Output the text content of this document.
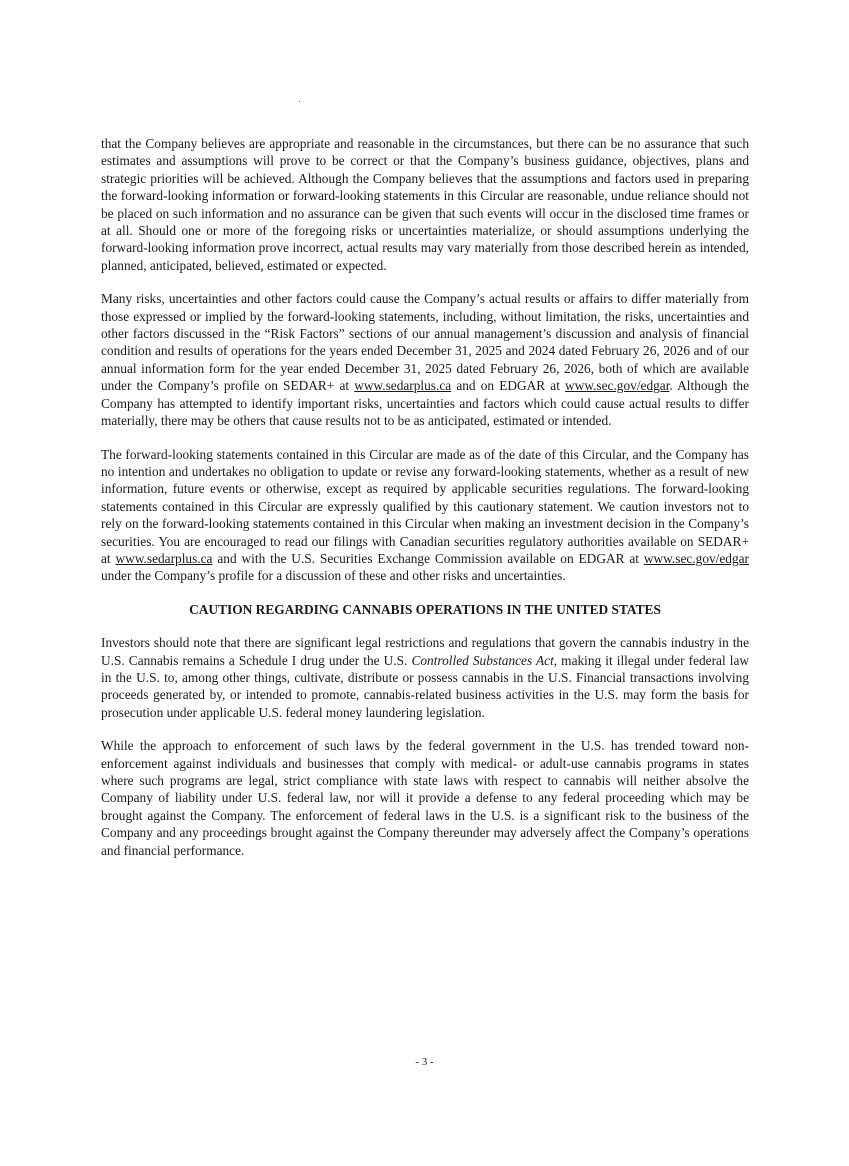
that the Company believes are appropriate and reasonable in the circumstances, but there can be no assurance that such estimates and assumptions will prove to be correct or that the Company’s business guidance, objectives, plans and strategic priorities will be achieved. Although the Company believes that the assumptions and factors used in preparing the forward-looking information or forward-looking statements in this Circular are reasonable, undue reliance should not be placed on such information and no assurance can be given that such events will occur in the disclosed time frames or at all. Should one or more of the foregoing risks or uncertainties materialize, or should assumptions underlying the forward-looking information prove incorrect, actual results may vary materially from those described herein as intended, planned, anticipated, believed, estimated or expected.

Many risks, uncertainties and other factors could cause the Company’s actual results or affairs to differ materially from those expressed or implied by the forward-looking statements, including, without limitation, the risks, uncertainties and other factors discussed in the “Risk Factors” sections of our annual management’s discussion and analysis of financial condition and results of operations for the years ended December 31, 2025 and 2024 dated February 26, 2026 and of our annual information form for the year ended December 31, 2025 dated February 26, 2026, both of which are available under the Company’s profile on SEDAR+ at www.sedarplus.ca and on EDGAR at www.sec.gov/edgar. Although the Company has attempted to identify important risks, uncertainties and factors which could cause actual results to differ materially, there may be others that cause results not to be as anticipated, estimated or intended.

The forward-looking statements contained in this Circular are made as of the date of this Circular, and the Company has no intention and undertakes no obligation to update or revise any forward-looking statements, whether as a result of new information, future events or otherwise, except as required by applicable securities regulations. The forward-looking statements contained in this Circular are expressly qualified by this cautionary statement. We caution investors not to rely on the forward-looking statements contained in this Circular when making an investment decision in the Company’s securities. You are encouraged to read our filings with Canadian securities regulatory authorities available on SEDAR+ at www.sedarplus.ca and with the U.S. Securities Exchange Commission available on EDGAR at www.sec.gov/edgar under the Company’s profile for a discussion of these and other risks and uncertainties.

CAUTION REGARDING CANNABIS OPERATIONS IN THE UNITED STATES

Investors should note that there are significant legal restrictions and regulations that govern the cannabis industry in the U.S. Cannabis remains a Schedule I drug under the U.S. Controlled Substances Act, making it illegal under federal law in the U.S. to, among other things, cultivate, distribute or possess cannabis in the U.S. Financial transactions involving proceeds generated by, or intended to promote, cannabis-related business activities in the U.S. may form the basis for prosecution under applicable U.S. federal money laundering legislation.

While the approach to enforcement of such laws by the federal government in the U.S. has trended toward non-enforcement against individuals and businesses that comply with medical- or adult-use cannabis programs in states where such programs are legal, strict compliance with state laws with respect to cannabis will neither absolve the Company of liability under U.S. federal law, nor will it provide a defense to any federal proceeding which may be brought against the Company. The enforcement of federal laws in the U.S. is a significant risk to the business of the Company and any proceedings brought against the Company thereunder may adversely affect the Company’s operations and financial performance.

- 3 -
